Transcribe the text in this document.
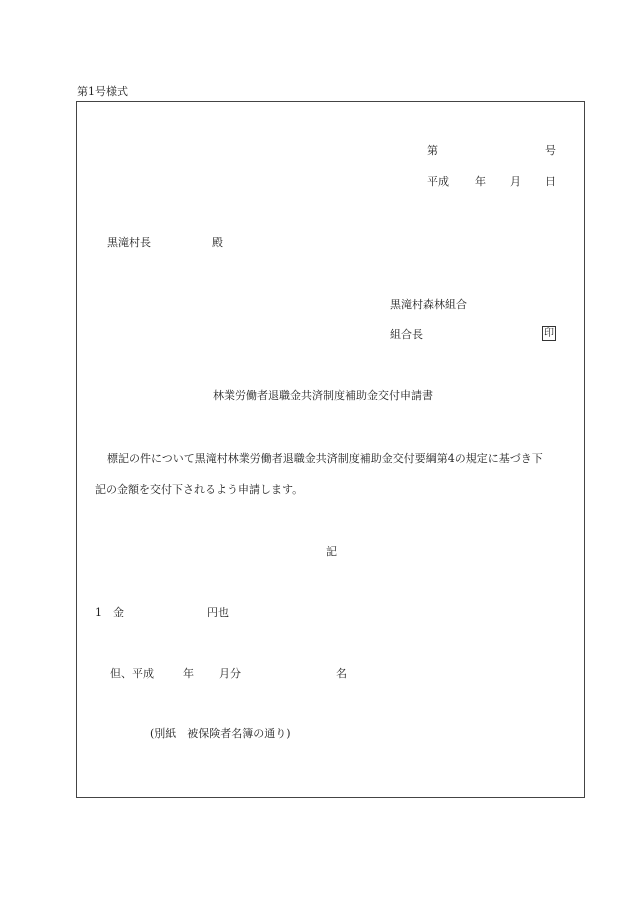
第1号様式
第	号
平成 年 月 日
黒滝村長	殿
黒滝村森林組合
組合長	印
林業労働者退職金共済制度補助金交付申請書
標記の件について黒滝村林業労働者退職金共済制度補助金交付要綱第4の規定に基づき下
記の金額を交付下されるよう申請します。
記
1 金	円也
但、平成	年 月分	名
(別紙　被保険者名簿の通り)
